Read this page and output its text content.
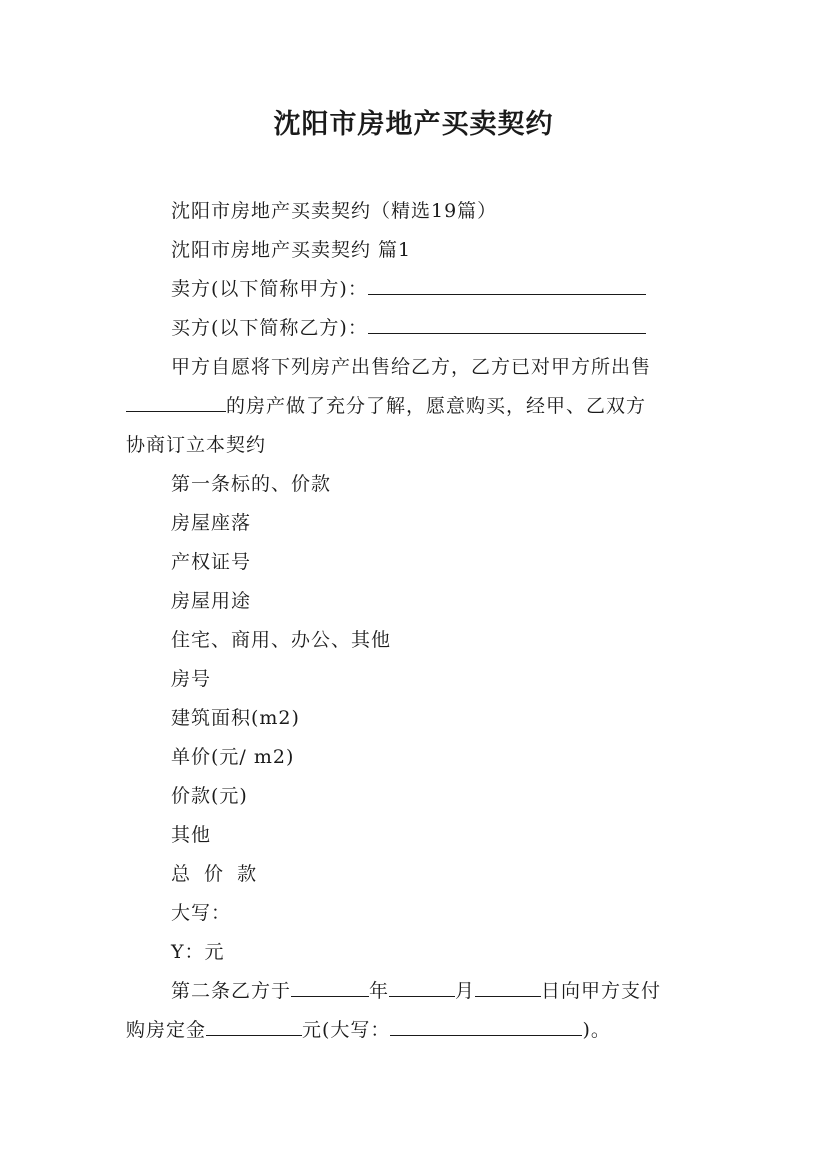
沈阳市房地产买卖契约
沈阳市房地产买卖契约（精选19篇）
沈阳市房地产买卖契约 篇1
卖方(以下简称甲方)：
买方(以下简称乙方)：
甲方自愿将下列房产出售给乙方，乙方已对甲方所出售
的房产做了充分了解，愿意购买，经甲、乙双方
协商订立本契约
第一条标的、价款
房屋座落
产权证号
房屋用途
住宅、商用、办公、其他
房号
建筑面积(m2)
单价(元/ m2)
价款(元)
其他
总 价 款
大写：
Y：元
第二条乙方于	年	月	日向甲方支付
购房定金	元(大写：	)。
